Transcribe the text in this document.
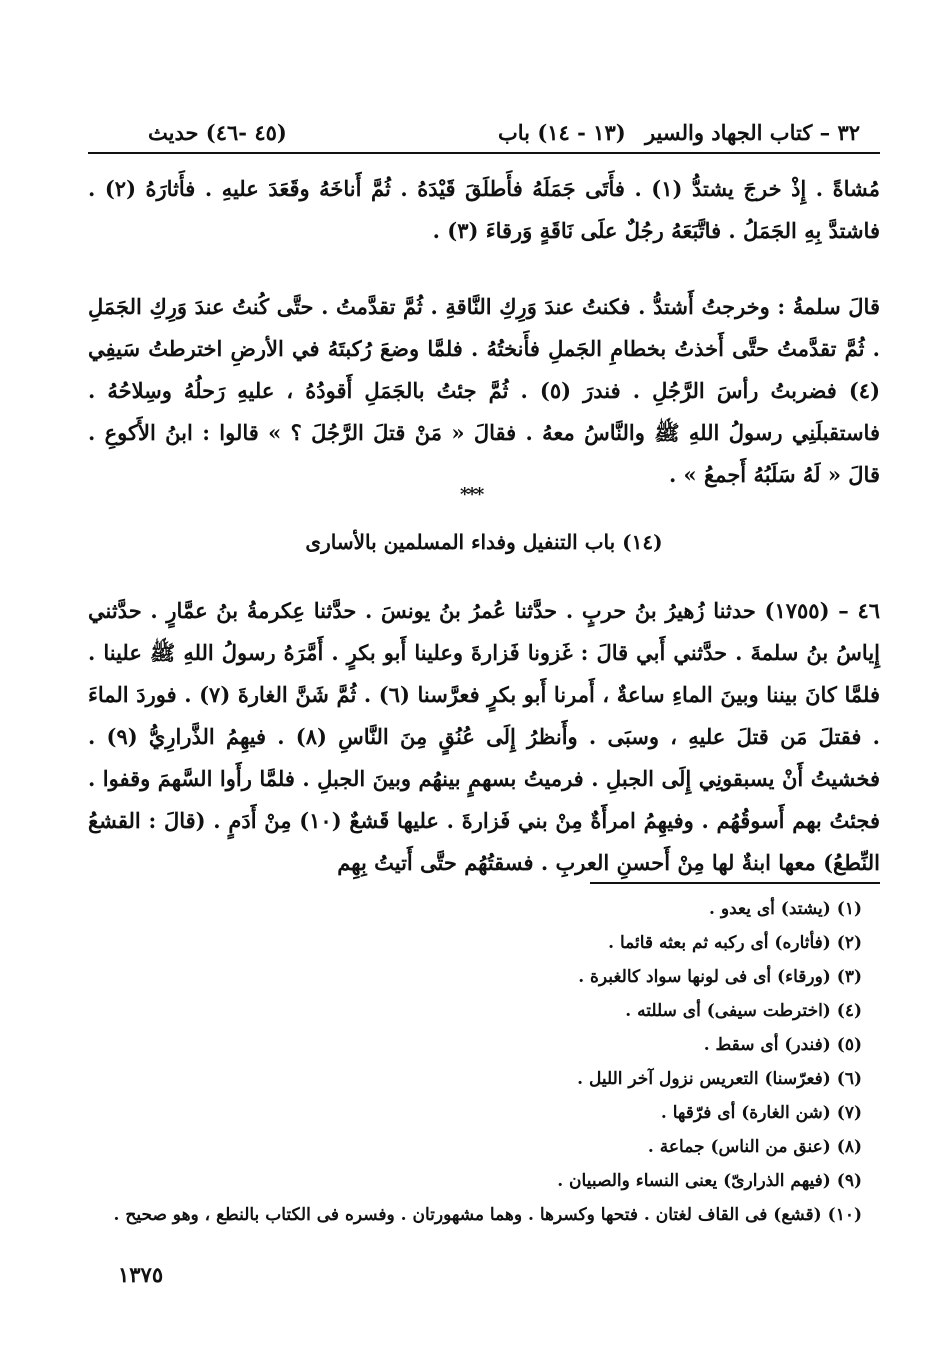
٣٢ – كتاب الجهاد والسير
(١٣ - ١٤) باب
(٤٥ -٤٦) حديث

مُشاةً . إِذْ خرجَ يشتدُّ (١) . فأَتَى جَمَلَهُ فأَطلَقَ قَيْدَهُ . ثُمَّ أَناخَهُ وقَعَدَ عليهِ . فأَثارَهُ (٢) . فاشتدَّ بِهِ الجَمَلُ . فاتَّبَعَهُ رجُلٌ علَى نَاقَةٍ وَرقاءَ (٣) .

قالَ سلمةُ : وخرجتُ أَشتدُّ . فكنتُ عندَ وَرِكِ النَّاقةِ . ثُمَّ تقدَّمتُ . حتَّى كُنتُ عندَ وَرِكِ الجَمَلِ . ثُمَّ تقدَّمتُ حتَّى أَخذتُ بخطامِ الجَملِ فأَنختُهُ . فلمَّا وضعَ رُكبتَهُ في الأرضِ اخترطتُ سَيفِي (٤) فضربتُ رأسَ الرَّجُلِ . فندرَ (٥) . ثُمَّ جئتُ بالجَمَلِ أَقودُهُ ، عليهِ رَحلُهُ وسِلاحُهُ . فاستقبلَنِي رسولُ اللهِ ﷺ والنَّاسُ معهُ . فقالَ « مَنْ قتلَ الرَّجُلَ ؟ » قالوا : ابنُ الأَكوعِ . قالَ « لَهُ سَلَبُهُ أَجمعُ » .

***
(١٤) باب التنفيل وفداء المسلمين بالأسارى

٤٦ – (١٧٥٥) حدثنا زُهيرُ بنُ حربٍ . حدَّثنا عُمرُ بنُ يونسَ . حدَّثنا عِكرمةُ بنُ عمَّارٍ . حدَّثني إِياسُ بنُ سلمةَ . حدَّثني أَبي قالَ : غَزونا فَزارةَ وعلينا أَبو بكرٍ . أَمَّرَهُ رسولُ اللهِ ﷺ علينا . فلمَّا كانَ بيننا وبينَ الماءِ ساعةٌ ، أَمرنا أَبو بكرٍ فعرَّسنا (٦) . ثُمَّ شَنَّ الغارةَ (٧) . فوردَ الماءَ . فقتلَ مَن قتلَ عليهِ ، وسبَى . وأَنظرُ إِلَى عُنُقٍ مِنَ النَّاسِ (٨) . فيهِمُ الذَّرارِيُّ (٩) . فخشيتُ أَنْ يسبقونِي إِلَى الجبلِ . فرميتُ بسهمٍ بينهُم وبينَ الجبلِ . فلمَّا رأَوا السَّهمَ وقفوا . فجئتُ بهم أَسوقُهُم . وفيهِمُ امرأَةٌ مِنْ بني فَزارةَ . عليها قَشعٌ (١٠) مِنْ أَدَمٍ . (قالَ : القشعُ النِّطعُ) معها ابنةٌ لها مِنْ أَحسنِ العربِ . فسقتُهُم حتَّى أَتيتُ بِهِم

(١) (يشتد) أى يعدو .
(٢) (فأثاره) أى ركبه ثم بعثه قائما .
(٣) (ورقاء) أى فى لونها سواد كالغبرة .
(٤) (اخترطت سيفى) أى سللته .
(٥) (فندر) أى سقط .
(٦) (فعرّسنا) التعريس نزول آخر الليل .
(٧) (شن الغارة) أى فرّقها .
(٨) (عنق من الناس) جماعة .
(٩) (فيهم الذرارىّ) يعنى النساء والصبيان .
(١٠) (قشع) فى القاف لغتان . فتحها وكسرها . وهما مشهورتان . وفسره فى الكتاب بالنطع ، وهو صحيح .
١٣٧٥
